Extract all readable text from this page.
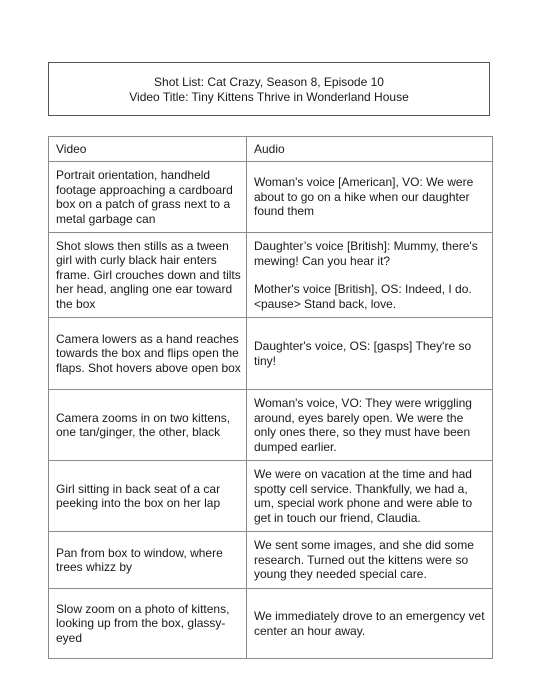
Shot List: Cat Crazy, Season 8, Episode 10
Video Title: Tiny Kittens Thrive in Wonderland House
Video	Audio
Portrait orientation, handheld footage approaching a cardboard box on a patch of grass next to a metal garbage can	Woman's voice [American], VO: We were about to go on a hike when our daughter found them

Shot slows then stills as a tween girl with curly black hair enters frame. Girl crouches down and tilts her head, angling one ear toward the box	Daughter’s voice [British]: Mummy, there's mewing! Can you hear it?

Mother's voice [British], OS: Indeed, I do. <pause> Stand back, love.

Camera lowers as a hand reaches towards the box and flips open the flaps. Shot hovers above open box	Daughter's voice, OS: [gasps] They're so tiny!

Camera zooms in on two kittens, one tan/ginger, the other, black	Woman's voice, VO: They were wriggling around, eyes barely open. We were the only ones there, so they must have been dumped earlier.

Girl sitting in back seat of a car peeking into the box on her lap	We were on vacation at the time and had spotty cell service. Thankfully, we had a, um, special work phone and were able to get in touch our friend, Claudia.

Pan from box to window, where trees whizz by	We sent some images, and she did some research. Turned out the kittens were so young they needed special care.

Slow zoom on a photo of kittens, looking up from the box, glassy-eyed	We immediately drove to an emergency vet center an hour away.
